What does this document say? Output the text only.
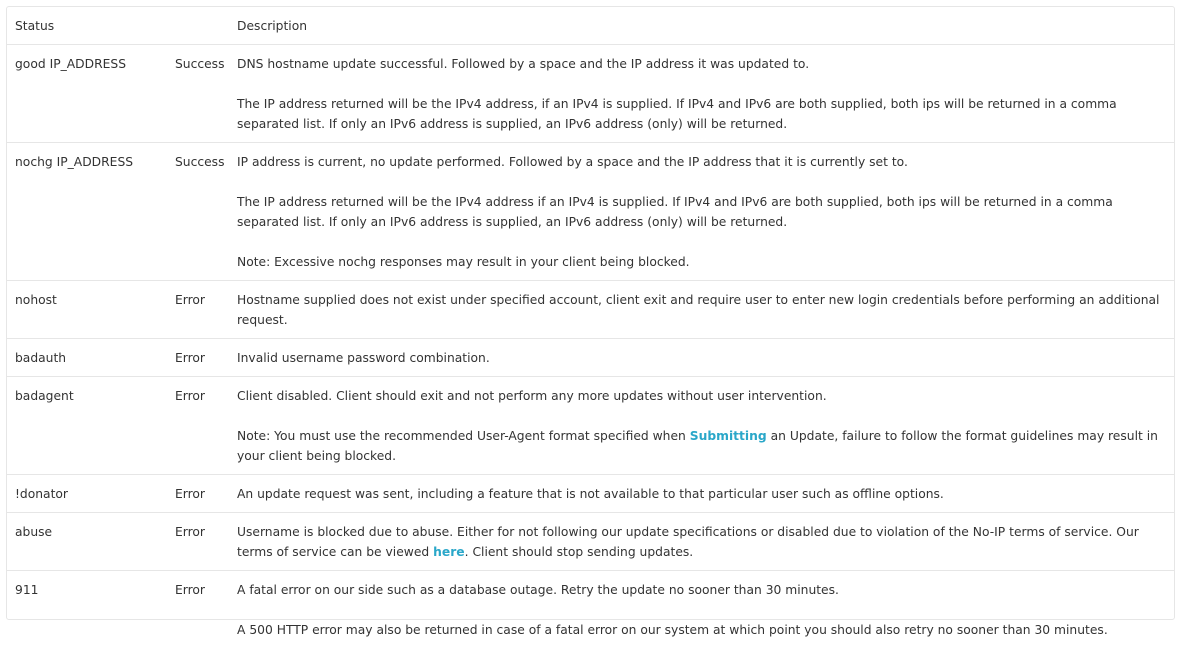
Status		Description
good IP_ADDRESS	Success	DNS hostname update successful. Followed by a space and the IP address it was updated to.

The IP address returned will be the IPv4 address, if an IPv4 is supplied. If IPv4 and IPv6 are both supplied, both ips will be returned in a comma separated list. If only an IPv6 address is supplied, an IPv6 address (only) will be returned.

nochg IP_ADDRESS	Success	IP address is current, no update performed. Followed by a space and the IP address that it is currently set to.

The IP address returned will be the IPv4 address if an IPv4 is supplied. If IPv4 and IPv6 are both supplied, both ips will be returned in a comma separated list. If only an IPv6 address is supplied, an IPv6 address (only) will be returned.

Note: Excessive nochg responses may result in your client being blocked.

nohost	Error	Hostname supplied does not exist under specified account, client exit and require user to enter new login credentials before performing an additional request.

badauth	Error	Invalid username password combination.

badagent	Error	Client disabled. Client should exit and not perform any more updates without user intervention.

Note: You must use the recommended User-Agent format specified when Submitting an Update, failure to follow the format guidelines may result in your client being blocked.

!donator	Error	An update request was sent, including a feature that is not available to that particular user such as offline options.

abuse	Error	Username is blocked due to abuse. Either for not following our update specifications or disabled due to violation of the No-IP terms of service. Our terms of service can be viewed here. Client should stop sending updates.

911	Error	A fatal error on our side such as a database outage. Retry the update no sooner than 30 minutes.

A 500 HTTP error may also be returned in case of a fatal error on our system at which point you should also retry no sooner than 30 minutes.
